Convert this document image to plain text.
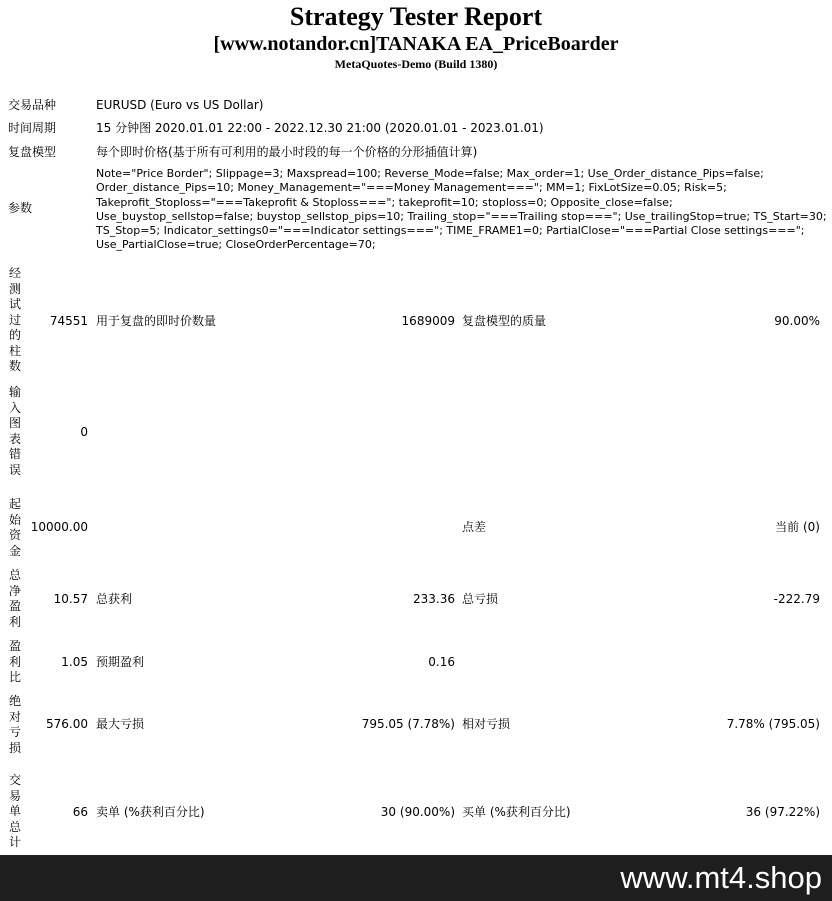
Strategy Tester Report
[www.notandor.cn]TANAKA EA_PriceBoarder
MetaQuotes-Demo (Build 1380)
交易品种	EURUSD (Euro vs US Dollar)
时间周期	15 分钟图 2020.01.01 22:00 - 2022.12.30 21:00 (2020.01.01 - 2023.01.01)
复盘模型	每个即时价格(基于所有可利用的最小时段的每一个价格的分形插值计算)
参数
Note="Price Border"; Slippage=3; Maxspread=100; Reverse_Mode=false; Max_order=1; Use_Order_distance_Pips=false; Order_distance_Pips=10; Money_Management="===Money Management==="; MM=1; FixLotSize=0.05; Risk=5; Takeprofit_Stoploss="===Takeprofit & Stoploss==="; takeprofit=10; stoploss=0; Opposite_close=false; Use_buystop_sellstop=false; buystop_sellstop_pips=10; Trailing_stop="===Trailing stop==="; Use_trailingStop=true; TS_Start=30; TS_Stop=5; Indicator_settings0="===Indicator settings==="; TIME_FRAME1=0; PartialClose="===Partial Close settings==="; Use_PartialClose=true; CloseOrderPercentage=70;
经测试过的柱数
74551 用于复盘的即时价数量	1689009 复盘模型的质量	90.00%
输入图表错误
0
起始资金
10000.00	点差	当前 (0)
总净盈利
10.57 总获利	233.36 总亏损	-222.79
盈利比
1.05 预期盈利	0.16
绝对亏损
576.00 最大亏损	795.05 (7.78%) 相对亏损	7.78% (795.05)
交易单总计
66 卖单 (%获利百分比)	30 (90.00%) 买单 (%获利百分比)	36 (97.22%)
www.mt4.shop
